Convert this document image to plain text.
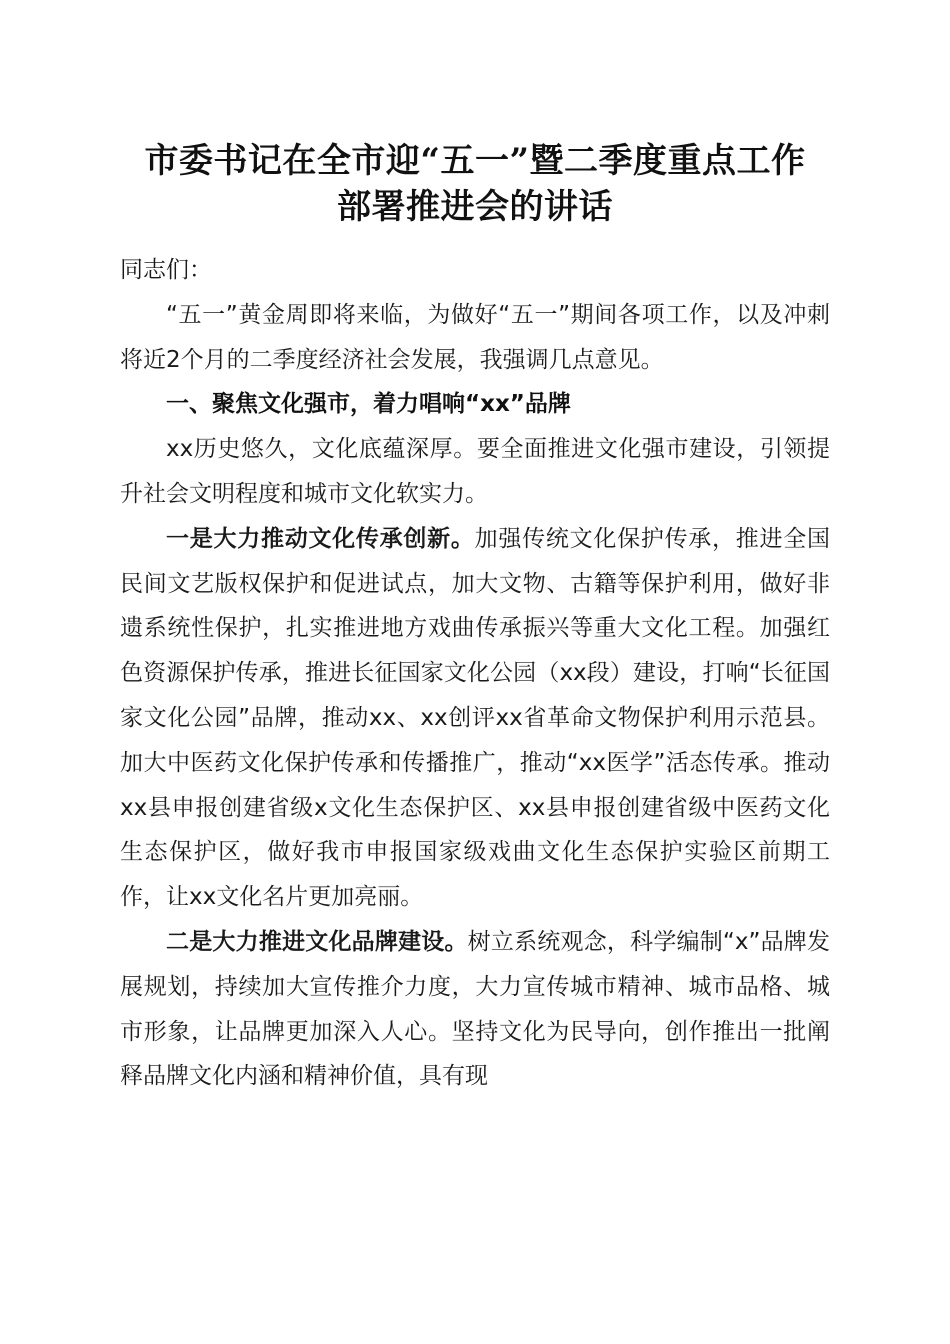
市委书记在全市迎“五一”暨二季度重点工作
部署推进会的讲话

同志们：

“五一”黄金周即将来临，为做好“五一”期间各项工作，以及冲刺将近2个月的二季度经济社会发展，我强调几点意见。

一、聚焦文化强市，着力唱响“xx”品牌

xx历史悠久，文化底蕴深厚。要全面推进文化强市建设，引领提升社会文明程度和城市文化软实力。

一是大力推动文化传承创新。加强传统文化保护传承，推进全国民间文艺版权保护和促进试点，加大文物、古籍等保护利用，做好非遗系统性保护，扎实推进地方戏曲传承振兴等重大文化工程。加强红色资源保护传承，推进长征国家文化公园（xx段）建设，打响“长征国家文化公园”品牌，推动xx、xx创评xx省革命文物保护利用示范县。加大中医药文化保护传承和传播推广，推动“xx医学”活态传承。推动xx县申报创建省级x文化生态保护区、xx县申报创建省级中医药文化生态保护区，做好我市申报国家级戏曲文化生态保护实验区前期工作，让xx文化名片更加亮丽。

二是大力推进文化品牌建设。树立系统观念，科学编制“x”品牌发展规划，持续加大宣传推介力度，大力宣传城市精神、城市品格、城市形象，让品牌更加深入人心。坚持文化为民导向，创作推出一批阐释品牌文化内涵和精神价值，具有现
